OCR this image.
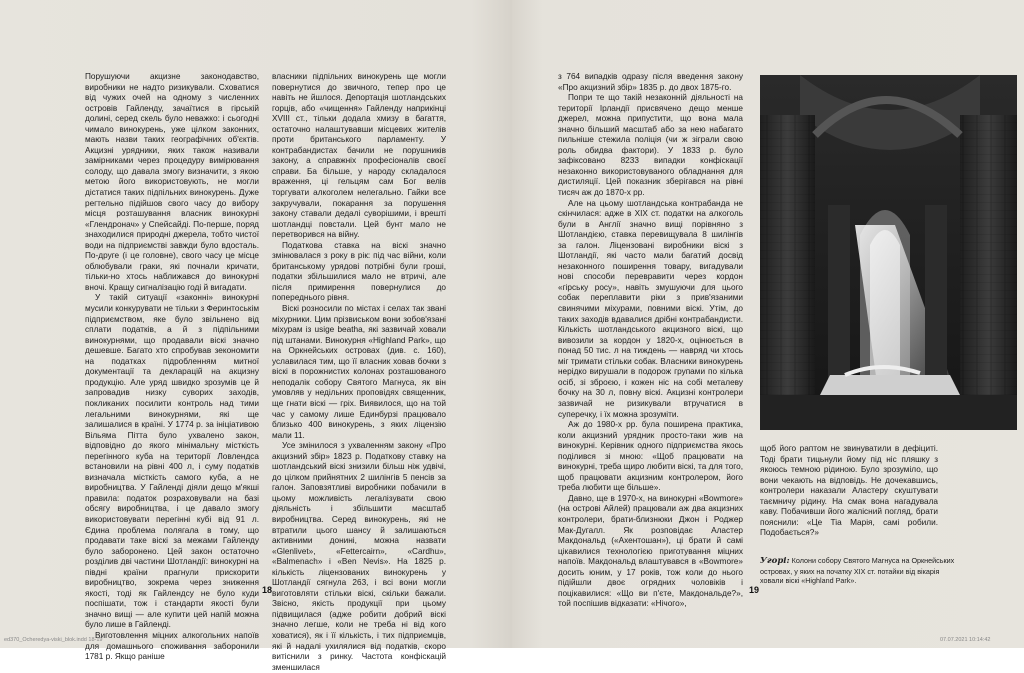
Порушуючи акцизне законодавство, виробники не надто ризикували. Сховатися від чужих очей на одному з численних островів Гайленду, зачаїтися в гірській долині, серед скель було неважко: і сьогодні чимало винокурень, уже цілком законних, мають назви таких географічних об'єктів. Акцизні урядники, яких також називали замірниками через процедуру вимірювання солоду, що давала змогу визначити, з якою метою його використовують, не могли дістатися таких підпільних винокурень. Дуже регтельно підійшов свого часу до вибору місця розташування власник винокурні «Глендронач» у Спейсайді. По-перше, поряд знаходилися природні джерела, тобто чистої води на підприємстві завжди було вдосталь. По-друге (і це головне), свого часу це місце облюбували граки, які почнали кричати, тільки-но хтось наближався до винокурні вночі. Кращу сигналізацію годі й вигадати.

У такій ситуації «законні» винокурні мусили конкурувати не тільки з Феринтоськім підприємством, яке було звільнено від сплати податків, а й з підпільними винокурнями, що продавали віскі значно дешевше. Багато хто спробував зекономити на податках підробленням митної документації та декларацій на акцизну продукцію. Але уряд швидко зрозумів це й запровадив низку суворих заходів, покликаних посилити контроль над тими легальними винокурнями, які ще залишалися в країні. У 1774 р. за ініціативою Вільяма Пітта було ухвалено закон, відповідно до якого мінімальну місткість перегінного куба на території Ловлендса встановили на рівні 400 л, і суму податків визначала місткість самого куба, а не виробництва. У Гайленді діяли дещо м'якші правила: податок розраховували на базі обсягу виробництва, і це давало змогу використовувати перегінні кубі від 91 л. Єдина проблема полягала в тому, що продавати таке віскі за межами Гайленду було заборонено. Цей закон остаточно розділив дві частини Шотландії: винокурні на півдні країни прагнули прискорити виробництво, зокрема через зниження якості, тоді як Гайлендсу не було куди поспішати, тож і стандарти якості були значно вищі — але купити цей напій можна було лише в Гайленді.

Виготовлення міцних алкогольних напоїв для домашнього споживання заборонили 1781 р. Якщо раніше

власники підпільних винокурень ще могли повернутися до звичного, тепер про це навіть не йшлося. Депортація шотландських горців, або «чищення» Гайленду наприкінці XVIII ст., тільки додала хмизу в багаття, остаточно налаштувавши місцевих жителів проти британського парламенту. У контрабандистах бачили не порушників закону, а справжніх професіоналів своєї справи. Ба більше, у народу складалося враження, ці гельцям сам Бог велів торгувати алкоголем нелегально. Гайки все закручували, покарання за порушення закону ставали дедалі суворішими, і врешті шотландці повстали. Цей бунт мало не перетворився на війну.

Податкова ставка на віскі значно змінювалася з року в рік: під час війни, коли британському урядові потрібні були гроші, податки збільшилися мало не втричі, але після примирення повернулися до попереднього рівня.

Віскі розносили по містах і селах так звані міхурники. Цим прізвиськом вони зобов'язані міхурам із usige beatha, які зазвичай ховали під штанами. Винокурня «Highland Park», що на Оркнейських островах (див. с. 160), уславилася тим, що її власник ховав бочки з віскі в порожнистих колонах розташованого неподалік собору Святого Магнуса, як він умовляв у недільних проповідях священник, ще гнати віскі — гріх. Виявилося, що на той час у самому лише Единбурзі працювало близько 400 винокурень, з яких ліцензію мали 11.

Усе змінилося з ухваленням закону «Про акцизний збір» 1823 р. Податкову ставку на шотландський віскі знизили більш ніж удвічі, до цілком прийнятних 2 шилінгів 5 пенсів за галон. Заповзятливі виробники побачили в цьому можливість легалізувати свою діяльність і збільшити масштаб виробництва. Серед винокурень, які не втратили цього шансу й залишаються активними донині, можна назвати «Glenlivet», «Fettercairn», «Cardhu», «Balmenach» і «Ben Nevis». На 1825 р. кількість ліцензованих винокурень у Шотландії сягнула 263, і всі вони могли виготовляти стільки віскі, скільки бажали. Звісно, якість продукції при цьому підвищилася (адже робити добрий віскі значно легше, коли не треба ні від кого ховатися), як і її кількість, і тих підприємців, які й надалі ухилялися від податків, скоро витіснили з ринку. Частота конфіскацій зменшилася

18

з 764 випадків одразу після введення закону «Про акцизний збір» 1835 р. до двох 1875-го.

Попри те що такій незаконній діяльності на території Ірландії присвячено дещо менше джерел, можна припустити, що вона мала значно більший масштаб або за нею набагато пильніше стежила поліція (чи ж зіграли свою роль обидва фактори). У 1833 р. було зафіксовано 8233 випадки конфіскації незаконно використовуваного обладнання для дистиляції. Цей показник зберігався на рівні тисяч аж до 1870-х рр.

Але на цьому шотландська контрабанда не скінчилася: адже в XIX ст. податки на алкоголь були в Англії значно вищі порівняно з Шотландією, ставка перевищувала 8 шилінгів за галон. Ліцензовані виробники віскі з Шотландії, які часто мали багатий досвід незаконного поширення товару, вигадували нові способи перевравити через кордон «гірську росу», навіть змушуючи для цього собак переплавити ріки з прив'язаними свинячими міхурами, повними віскі. Утім, до таких заходів вдавалися дрібні контрабандисти. Кількість шотландського акцизного віскі, що вивозили за кордон у 1820-х, оцінюється в понад 50 тис. л на тиждень — навряд чи хтось міг тримати стільки собак. Власники винокурень нерідко вирушали в подорож групами по кілька осіб, зі зброєю, і кожен ніс на собі металеву бочку на 30 л, повну віскі. Акцизні контролери зазвичай не ризикували втручатися в суперечку, і їх можна зрозуміти.

Аж до 1980-х рр. була поширена практика, коли акцизний урядник просто-таки жив на винокурні. Керівник одного підприємства якось поділився зі мною: «Щоб працювати на винокурні, треба щиро любити віскі, та для того, щоб працювати акцизним контролером, його треба любити ще більше».

Давно, ще в 1970-х, на винокурні «Bowmore» (на острові Айлей) працювали аж два акцизних контролери, брати-близнюки Джон і Роджер Мак-Дугалл. Як розповідає Аластер Макдональд («Ахентошан»), ці брати й самі цікавилися технологією приготування міцних напоїв. Макдональд влаштувався в «Bowmore» досить юним, у 17 років, тож коли до нього підійшли двоє огрядних чоловіків і поцікавилися: «Що ви п'єте, Макдональде?», той поспішив відказати: «Нічого»,

щоб його раптом не звинуватили в дефіциті. Тоді брати тицьнули йому під ніс пляшку з якоюсь темною рідиною. Було зрозуміло, що вони чекають на відповідь. Не дочекавшись, контролери наказали Аластеру скуштувати таємничу рідину. На смак вона нагадувала каву. Побачивши його жалісний погляд, брати пояснили: «Це Tia Марія, самі робили. Подобається?»

Угорі: Колони собору Святого Магнуса на Оркнейських островах, у яких на початку XIX ст. потайки від вікарія ховали віскі «Highland Park».
19
ed370_Ocheredya-viski_blok.indd 18-19	07.07.2021 10:14:42
